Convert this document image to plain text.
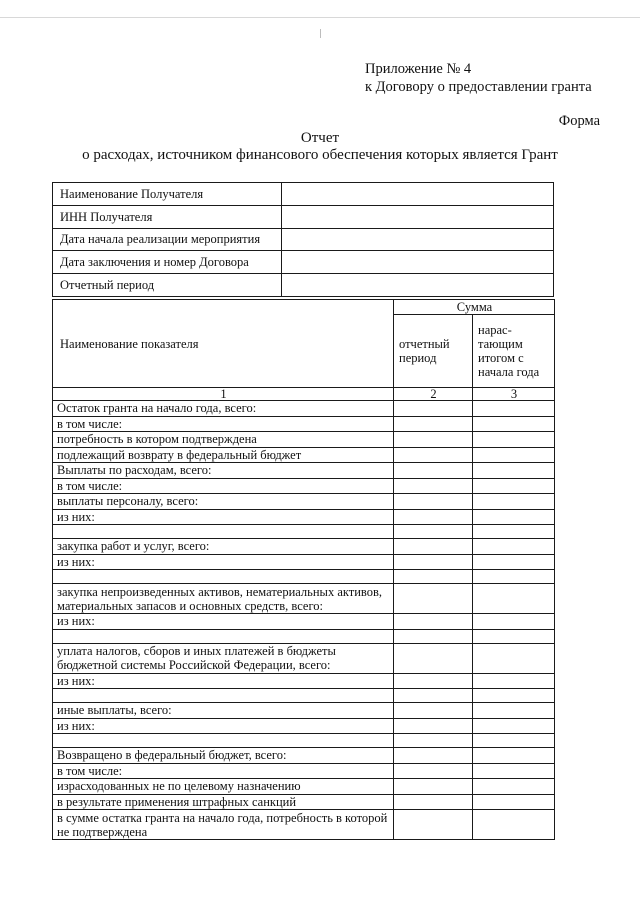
Приложение № 4
к Договору о предоставлении гранта
Форма
Отчет
о расходах, источником финансового обеспечения которых является Грант
Наименование Получателя	
ИНН Получателя	
Дата начала реализации мероприятия	
Дата заключения и номер Договора	
Отчетный период	
Наименование показателя	Сумма	
	отчетный период	нарас-тающим итогом с начала года
1	2	3
Остаток гранта на начало года, всего:		
в том числе:		
потребность в котором подтверждена		
подлежащий возврату в федеральный бюджет		
Выплаты по расходам, всего:		
в том числе:		
выплаты персоналу, всего:		
из них:		

закупка работ и услуг, всего:		
из них:		

закупка непроизведенных активов, нематериальных активов, материальных запасов и основных средств, всего:		
из них:		

уплата налогов, сборов и иных платежей в бюджеты бюджетной системы Российской Федерации, всего:		
из них:		

иные выплаты, всего:		
из них:		

Возвращено в федеральный бюджет, всего:		
в том числе:		
израсходованных не по целевому назначению		
в результате применения штрафных санкций		
в сумме остатка гранта на начало года, потребность в которой не подтверждена		
